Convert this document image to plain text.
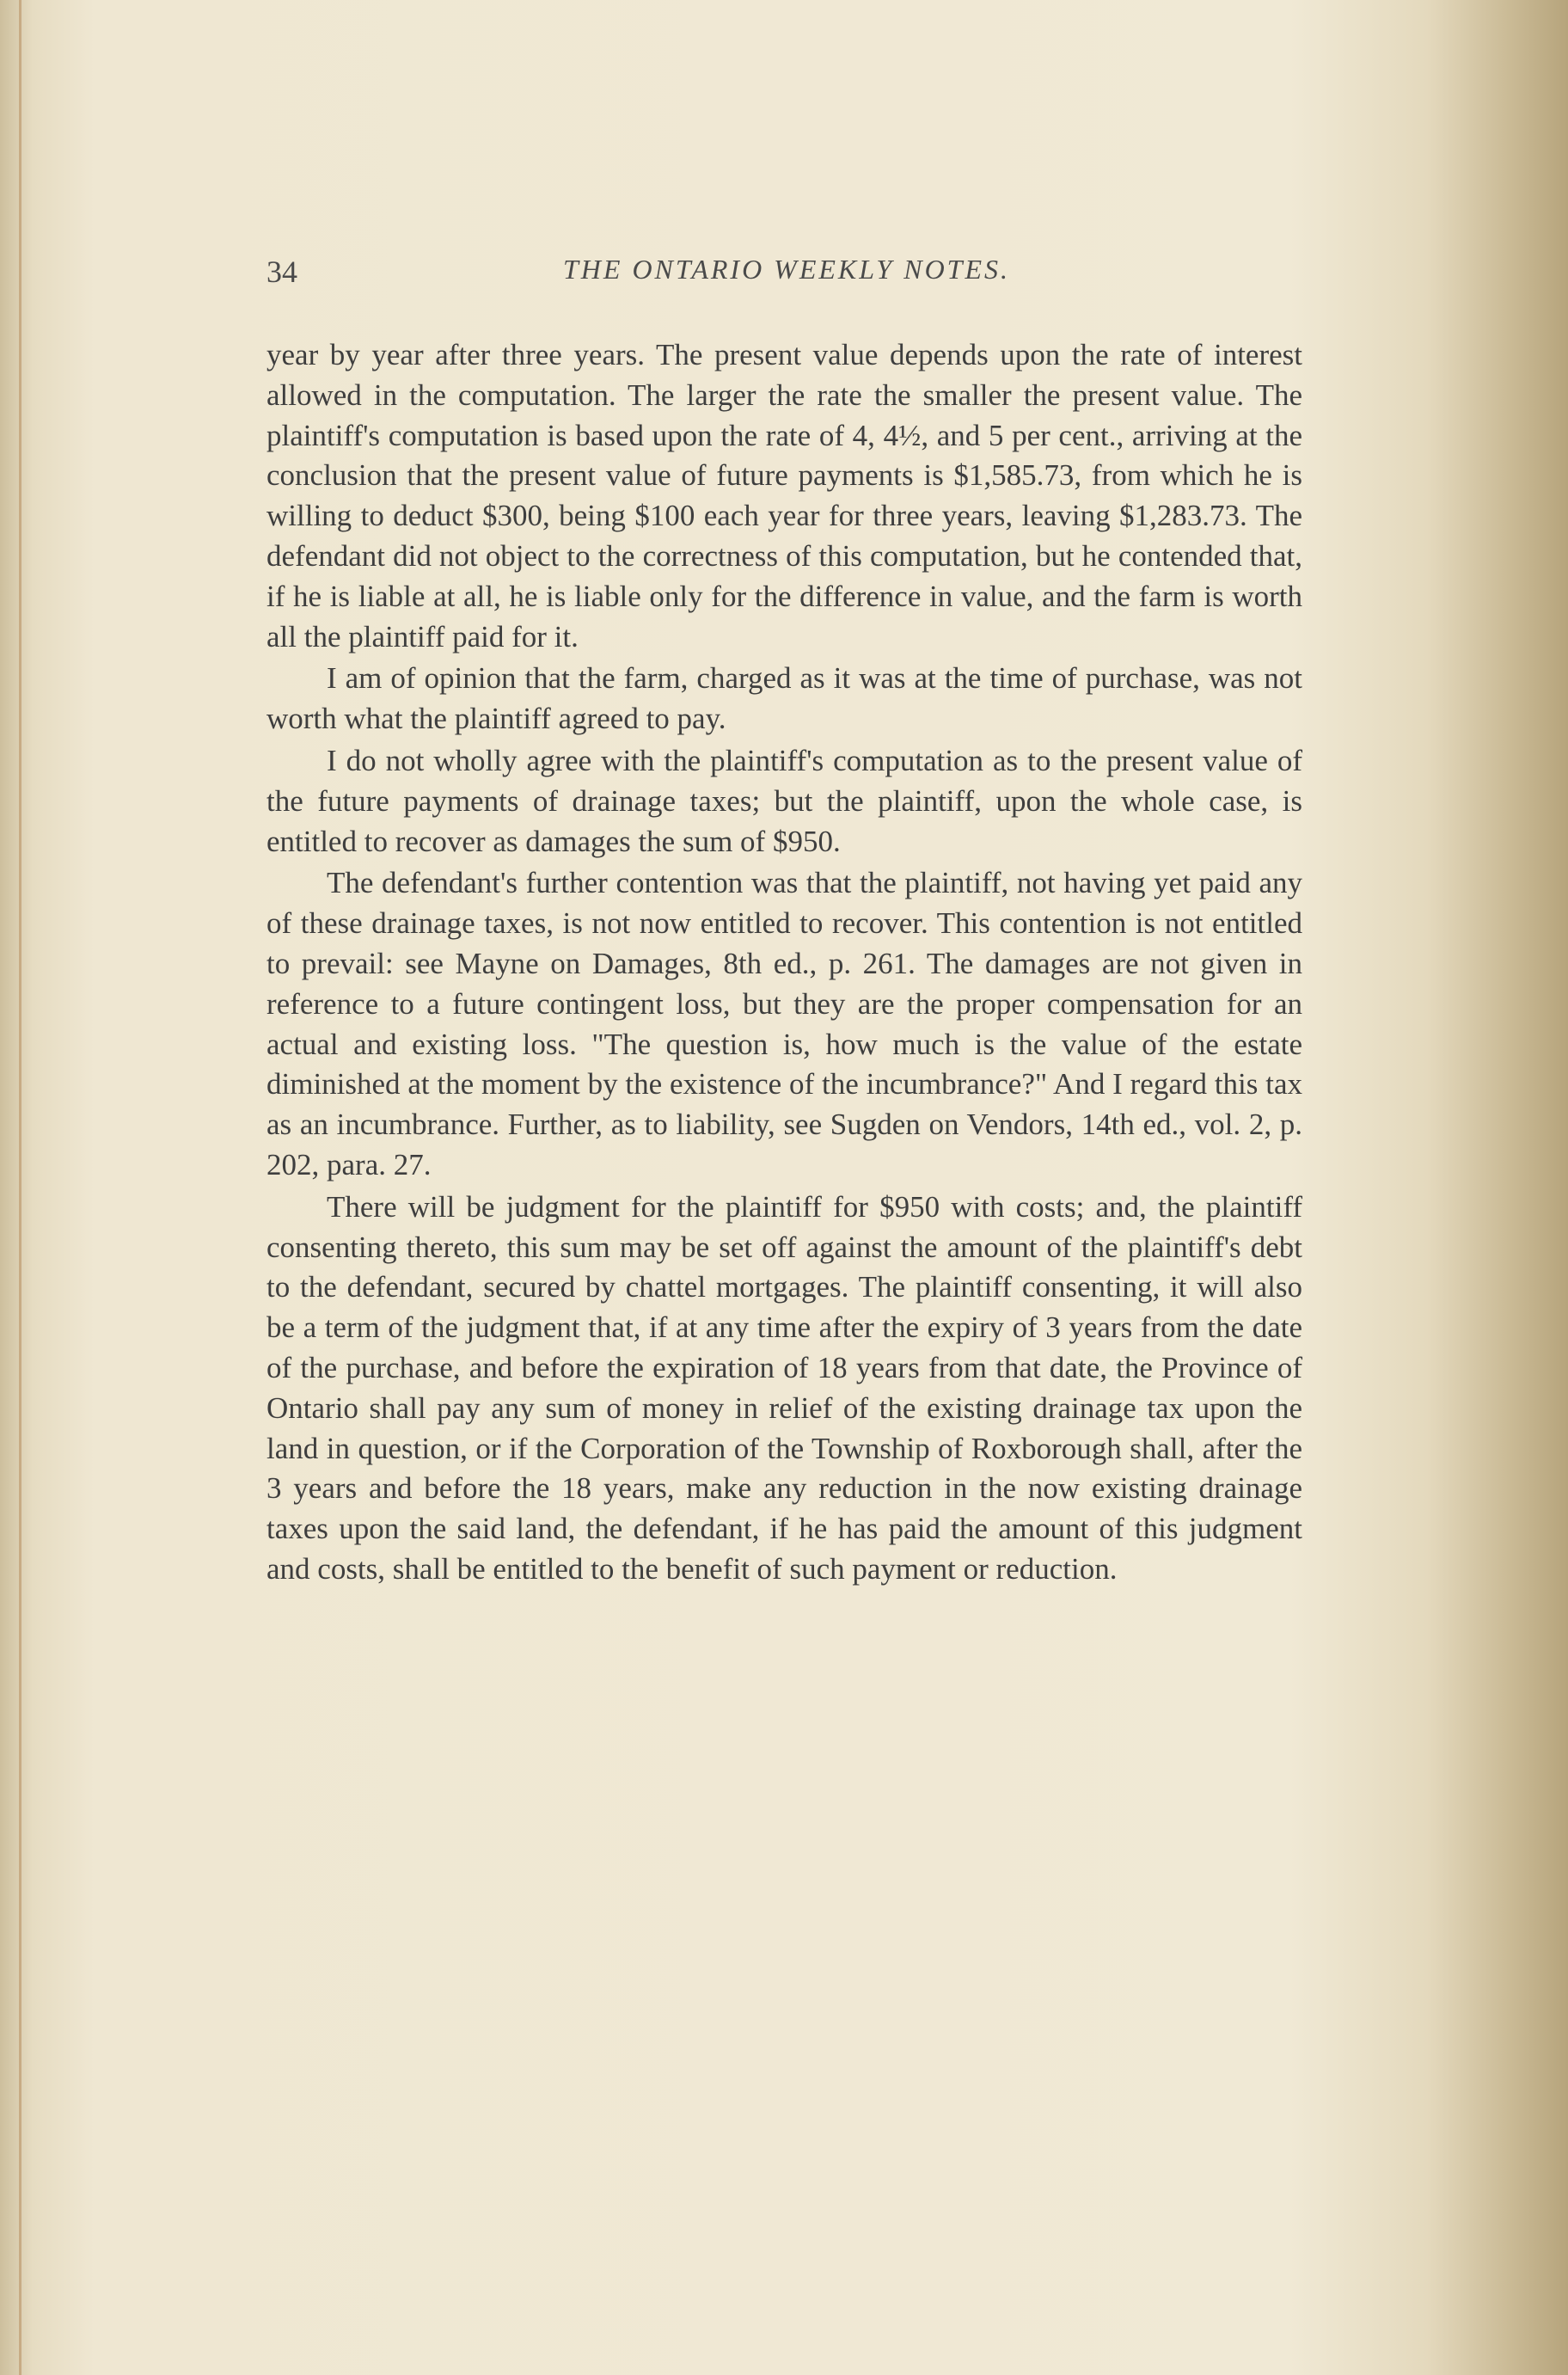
34	THE ONTARIO WEEKLY NOTES.

year by year after three years. The present value depends upon the rate of interest allowed in the computation. The larger the rate the smaller the present value. The plaintiff's computation is based upon the rate of 4, 4½, and 5 per cent., arriving at the conclusion that the present value of future payments is $1,585.73, from which he is willing to deduct $300, being $100 each year for three years, leaving $1,283.73. The defendant did not object to the correctness of this computation, but he contended that, if he is liable at all, he is liable only for the difference in value, and the farm is worth all the plaintiff paid for it.

I am of opinion that the farm, charged as it was at the time of purchase, was not worth what the plaintiff agreed to pay.

I do not wholly agree with the plaintiff's computation as to the present value of the future payments of drainage taxes; but the plaintiff, upon the whole case, is entitled to recover as damages the sum of $950.

The defendant's further contention was that the plaintiff, not having yet paid any of these drainage taxes, is not now entitled to recover. This contention is not entitled to prevail: see Mayne on Damages, 8th ed., p. 261. The damages are not given in reference to a future contingent loss, but they are the proper compensation for an actual and existing loss. "The question is, how much is the value of the estate diminished at the moment by the existence of the incumbrance?" And I regard this tax as an incumbrance. Further, as to liability, see Sugden on Vendors, 14th ed., vol. 2, p. 202, para. 27.

There will be judgment for the plaintiff for $950 with costs; and, the plaintiff consenting thereto, this sum may be set off against the amount of the plaintiff's debt to the defendant, secured by chattel mortgages. The plaintiff consenting, it will also be a term of the judgment that, if at any time after the expiry of 3 years from the date of the purchase, and before the expiration of 18 years from that date, the Province of Ontario shall pay any sum of money in relief of the existing drainage tax upon the land in question, or if the Corporation of the Township of Roxborough shall, after the 3 years and before the 18 years, make any reduction in the now existing drainage taxes upon the said land, the defendant, if he has paid the amount of this judgment and costs, shall be entitled to the benefit of such payment or reduction.
